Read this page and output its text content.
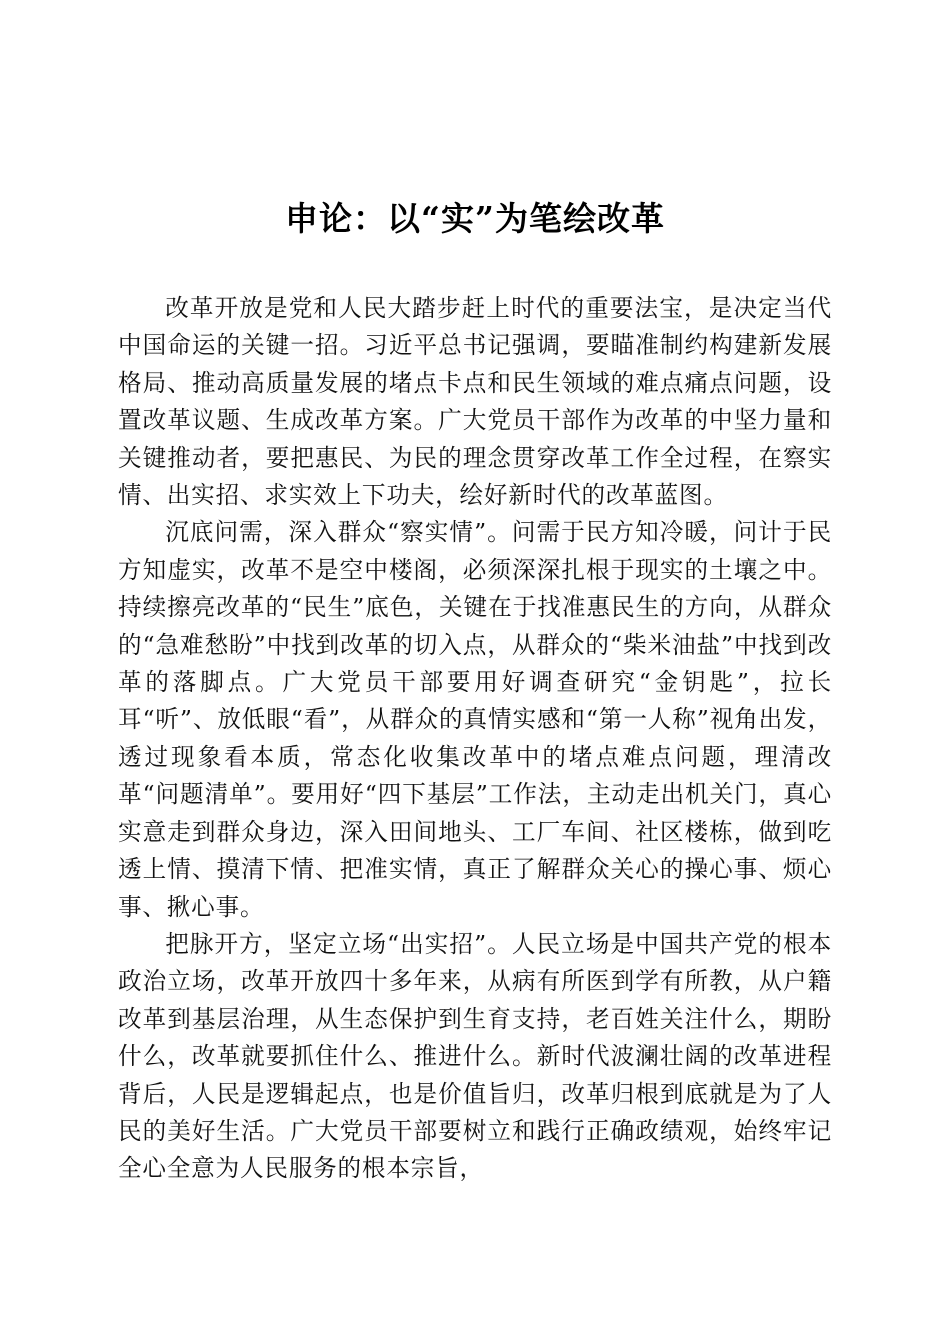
申论：以“实”为笔绘改革

改革开放是党和人民大踏步赶上时代的重要法宝，是决定当代中国命运的关键一招。习近平总书记强调，要瞄准制约构建新发展格局、推动高质量发展的堵点卡点和民生领域的难点痛点问题，设置改革议题、生成改革方案。广大党员干部作为改革的中坚力量和关键推动者，要把惠民、为民的理念贯穿改革工作全过程，在察实情、出实招、求实效上下功夫，绘好新时代的改革蓝图。

沉底问需，深入群众“察实情”。问需于民方知冷暖，问计于民方知虚实，改革不是空中楼阁，必须深深扎根于现实的土壤之中。持续擦亮改革的“民生”底色，关键在于找准惠民生的方向，从群众的“急难愁盼”中找到改革的切入点，从群众的“柴米油盐”中找到改革的落脚点。广大党员干部要用好调查研究“金钥匙”，拉长耳“听”、放低眼“看”，从群众的真情实感和“第一人称”视角出发，透过现象看本质，常态化收集改革中的堵点难点问题，理清改革“问题清单”。要用好“四下基层”工作法，主动走出机关门，真心实意走到群众身边，深入田间地头、工厂车间、社区楼栋，做到吃透上情、摸清下情、把准实情，真正了解群众关心的操心事、烦心事、揪心事。

把脉开方，坚定立场“出实招”。人民立场是中国共产党的根本政治立场，改革开放四十多年来，从病有所医到学有所教，从户籍改革到基层治理，从生态保护到生育支持，老百姓关注什么，期盼什么，改革就要抓住什么、推进什么。新时代波澜壮阔的改革进程背后，人民是逻辑起点，也是价值旨归，改革归根到底就是为了人民的美好生活。广大党员干部要树立和践行正确政绩观，始终牢记全心全意为人民服务的根本宗旨，
